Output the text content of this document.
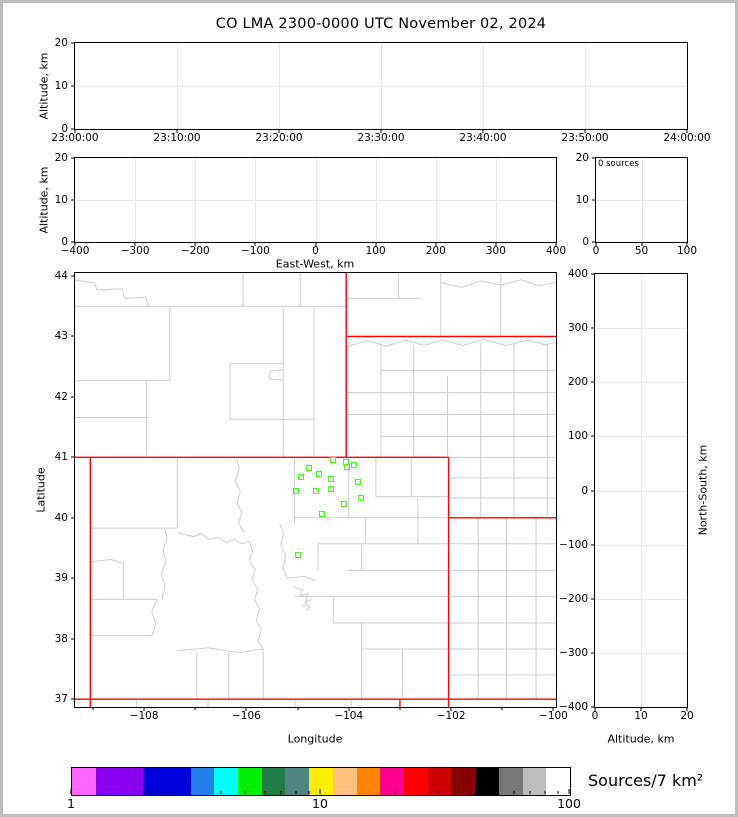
CO LMA 2300-0000 UTC November 02, 2024
23:00:00	23:10:00	23:20:00	23:30:00	23:40:00	23:50:00	24:00:00
0
10
20
Altitude, km
−400	−300	−200	−100	0	100	200	300	400
0
10
20
Altitude, km
East-West, km
0 sources
0	50	100
0
10
20
−108	−106	−104	−102	−100
37
38
39
40
41
42
43
44
Latitude
Longitude
0	10	20
−400
−300
−200
−100
0
100
200
300
400
North-South, km
Altitude, km
1	10	100
Sources/7 km²
